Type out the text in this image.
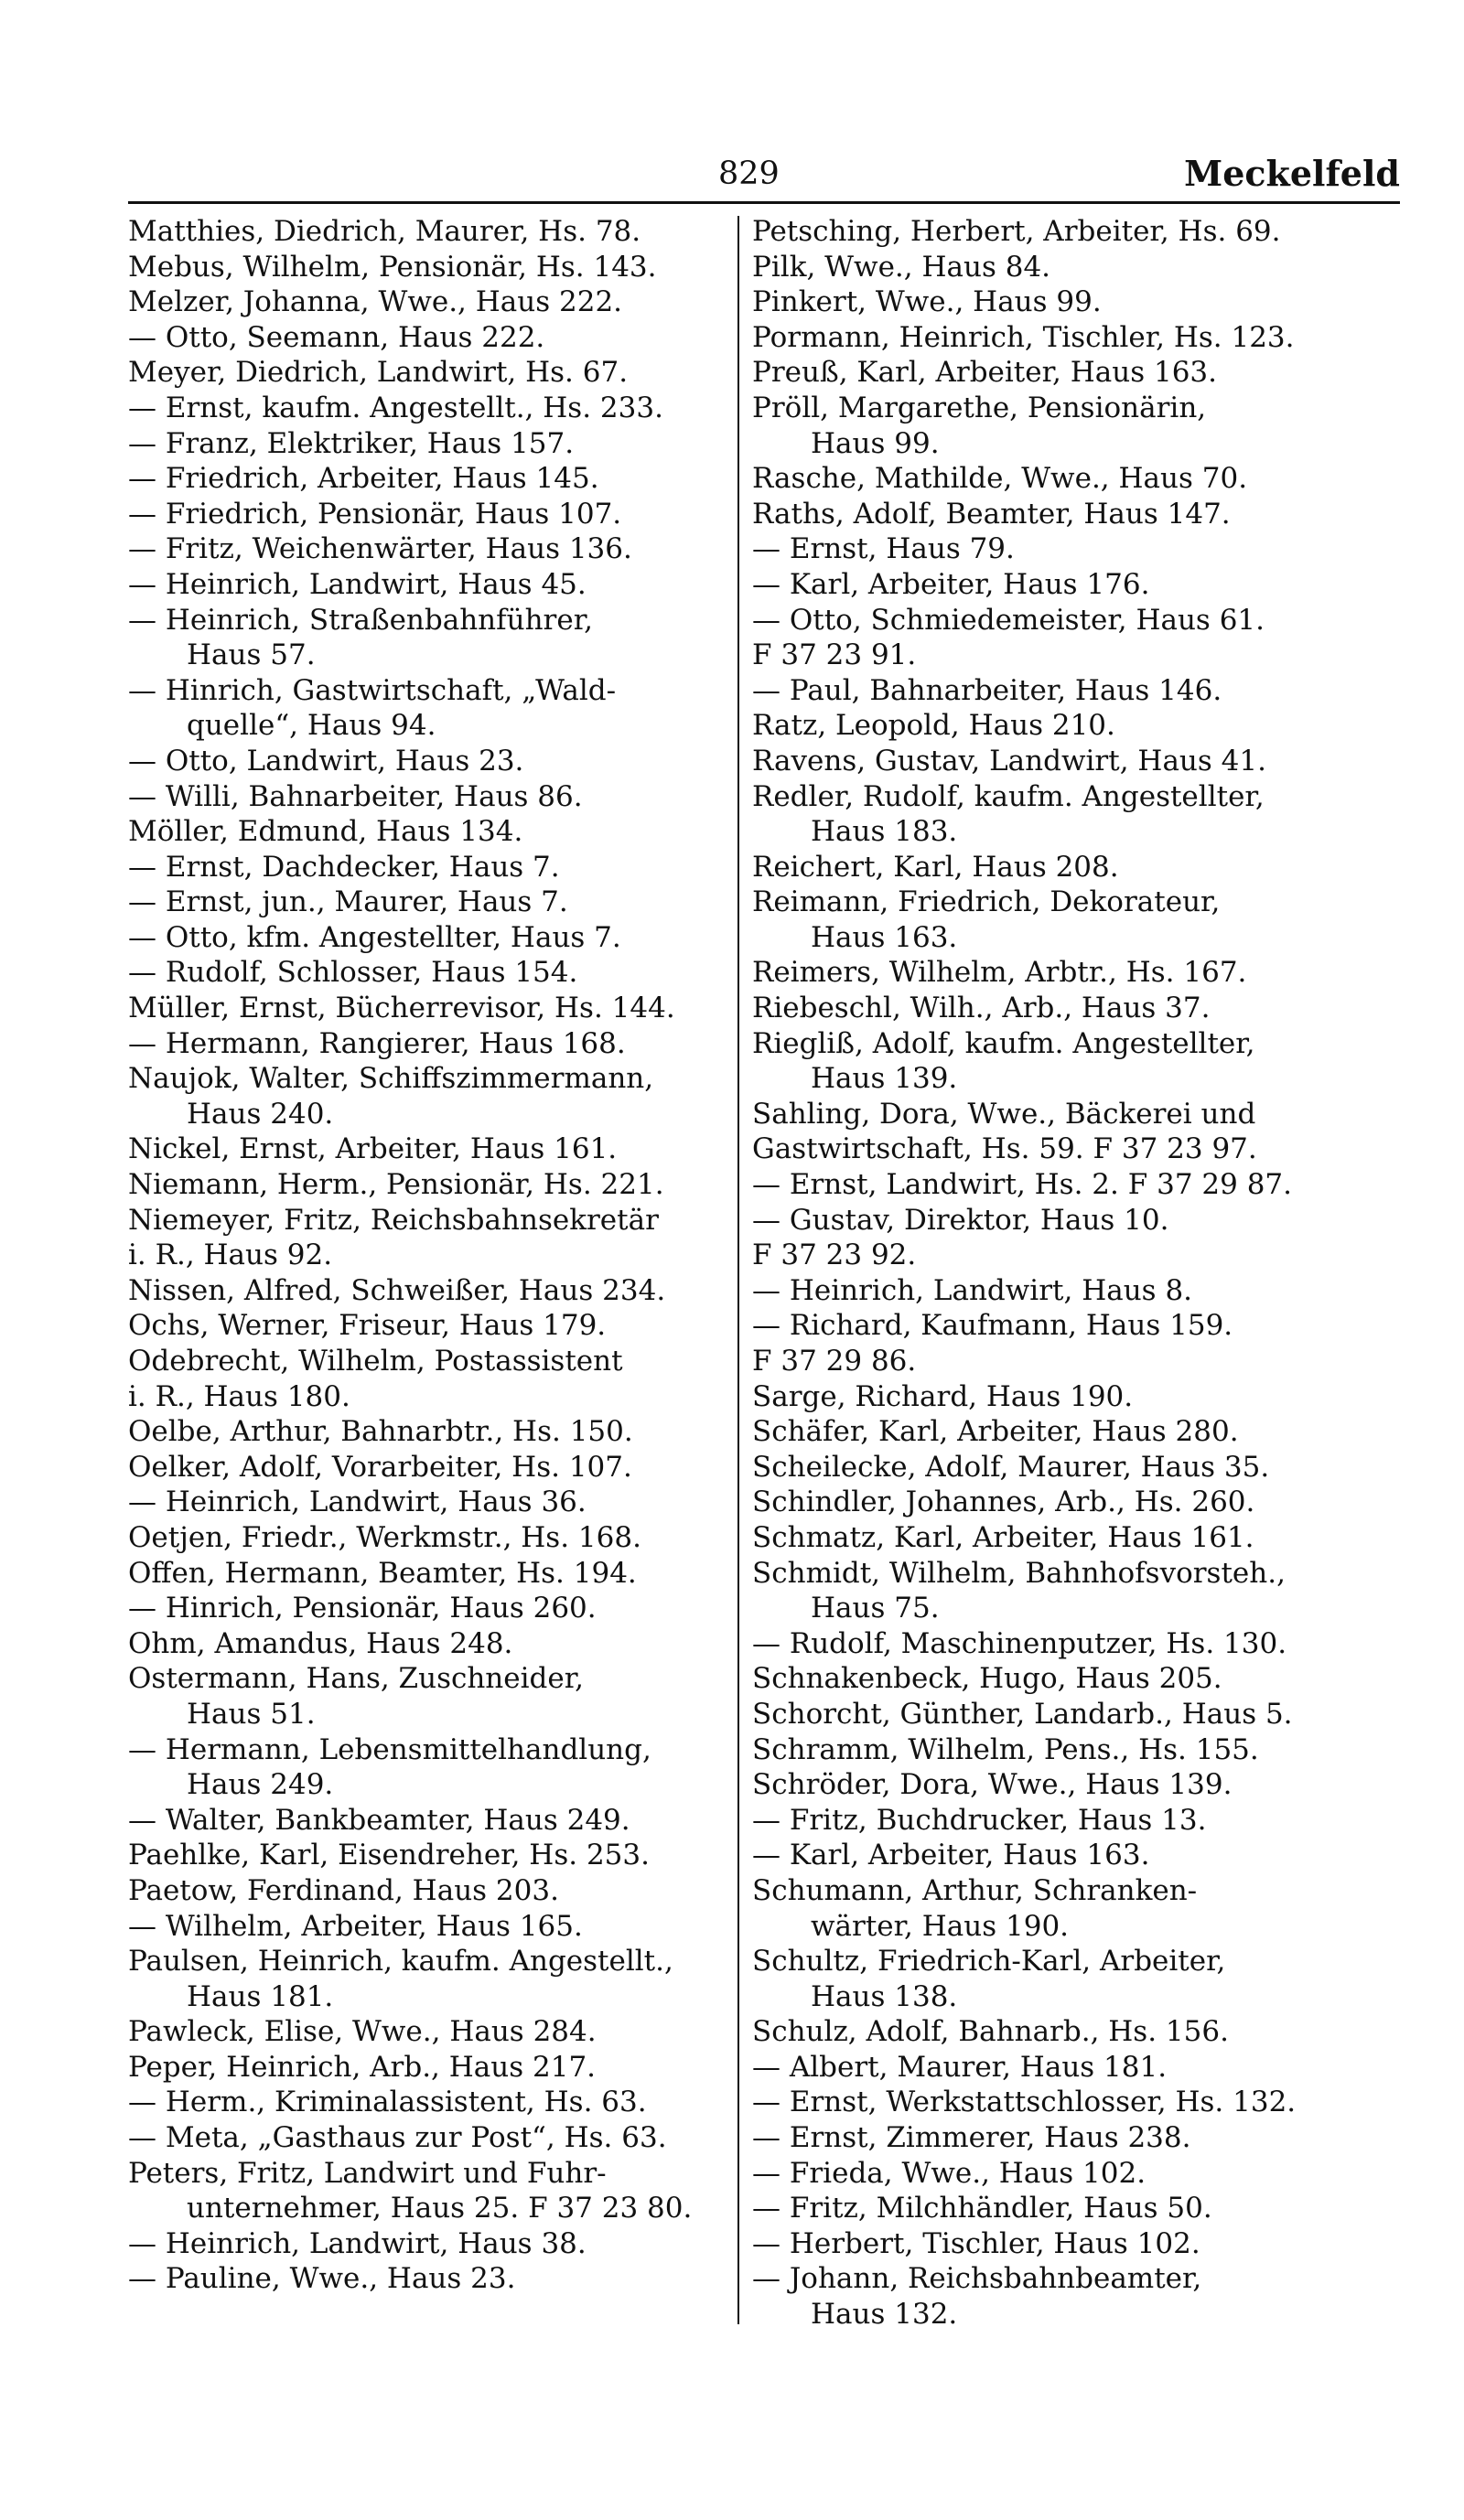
829	Meckelfeld
Matthies, Diedrich, Maurer, Hs. 78.
Mebus, Wilhelm, Pensionär, Hs. 143.
Melzer, Johanna, Wwe., Haus 222.
— Otto, Seemann, Haus 222.
Meyer, Diedrich, Landwirt, Hs. 67.
— Ernst, kaufm. Angestellt., Hs. 233.
— Franz, Elektriker, Haus 157.
— Friedrich, Arbeiter, Haus 145.
— Friedrich, Pensionär, Haus 107.
— Fritz, Weichenwärter, Haus 136.
— Heinrich, Landwirt, Haus 45.
— Heinrich, Straßenbahnführer,
Haus 57.
— Hinrich, Gastwirtschaft, „Wald-
quelle“, Haus 94.
— Otto, Landwirt, Haus 23.
— Willi, Bahnarbeiter, Haus 86.
Möller, Edmund, Haus 134.
— Ernst, Dachdecker, Haus 7.
— Ernst, jun., Maurer, Haus 7.
— Otto, kfm. Angestellter, Haus 7.
— Rudolf, Schlosser, Haus 154.
Müller, Ernst, Bücherrevisor, Hs. 144.
— Hermann, Rangierer, Haus 168.
Naujok, Walter, Schiffszimmermann,
Haus 240.
Nickel, Ernst, Arbeiter, Haus 161.
Niemann, Herm., Pensionär, Hs. 221.
Niemeyer, Fritz, Reichsbahnsekretär
i. R., Haus 92.
Nissen, Alfred, Schweißer, Haus 234.
Ochs, Werner, Friseur, Haus 179.
Odebrecht, Wilhelm, Postassistent
i. R., Haus 180.
Oelbe, Arthur, Bahnarbtr., Hs. 150.
Oelker, Adolf, Vorarbeiter, Hs. 107.
— Heinrich, Landwirt, Haus 36.
Oetjen, Friedr., Werkmstr., Hs. 168.
Offen, Hermann, Beamter, Hs. 194.
— Hinrich, Pensionär, Haus 260.
Ohm, Amandus, Haus 248.
Ostermann, Hans, Zuschneider,
Haus 51.
— Hermann, Lebensmittelhandlung,
Haus 249.
— Walter, Bankbeamter, Haus 249.
Paehlke, Karl, Eisendreher, Hs. 253.
Paetow, Ferdinand, Haus 203.
— Wilhelm, Arbeiter, Haus 165.
Paulsen, Heinrich, kaufm. Angestellt.,
Haus 181.
Pawleck, Elise, Wwe., Haus 284.
Peper, Heinrich, Arb., Haus 217.
— Herm., Kriminalassistent, Hs. 63.
— Meta, „Gasthaus zur Post“, Hs. 63.
Peters, Fritz, Landwirt und Fuhr-
unternehmer, Haus 25. F 37 23 80.
— Heinrich, Landwirt, Haus 38.
— Pauline, Wwe., Haus 23.
Petsching, Herbert, Arbeiter, Hs. 69.
Pilk, Wwe., Haus 84.
Pinkert, Wwe., Haus 99.
Pormann, Heinrich, Tischler, Hs. 123.
Preuß, Karl, Arbeiter, Haus 163.
Pröll, Margarethe, Pensionärin,
Haus 99.
Rasche, Mathilde, Wwe., Haus 70.
Raths, Adolf, Beamter, Haus 147.
— Ernst, Haus 79.
— Karl, Arbeiter, Haus 176.
— Otto, Schmiedemeister, Haus 61.
F 37 23 91.
— Paul, Bahnarbeiter, Haus 146.
Ratz, Leopold, Haus 210.
Ravens, Gustav, Landwirt, Haus 41.
Redler, Rudolf, kaufm. Angestellter,
Haus 183.
Reichert, Karl, Haus 208.
Reimann, Friedrich, Dekorateur,
Haus 163.
Reimers, Wilhelm, Arbtr., Hs. 167.
Riebeschl, Wilh., Arb., Haus 37.
Riegliß, Adolf, kaufm. Angestellter,
Haus 139.
Sahling, Dora, Wwe., Bäckerei und
Gastwirtschaft, Hs. 59. F 37 23 97.
— Ernst, Landwirt, Hs. 2. F 37 29 87.
— Gustav, Direktor, Haus 10.
F 37 23 92.
— Heinrich, Landwirt, Haus 8.
— Richard, Kaufmann, Haus 159.
F 37 29 86.
Sarge, Richard, Haus 190.
Schäfer, Karl, Arbeiter, Haus 280.
Scheilecke, Adolf, Maurer, Haus 35.
Schindler, Johannes, Arb., Hs. 260.
Schmatz, Karl, Arbeiter, Haus 161.
Schmidt, Wilhelm, Bahnhofsvorsteh.,
Haus 75.
— Rudolf, Maschinenputzer, Hs. 130.
Schnakenbeck, Hugo, Haus 205.
Schorcht, Günther, Landarb., Haus 5.
Schramm, Wilhelm, Pens., Hs. 155.
Schröder, Dora, Wwe., Haus 139.
— Fritz, Buchdrucker, Haus 13.
— Karl, Arbeiter, Haus 163.
Schumann, Arthur, Schranken-
wärter, Haus 190.
Schultz, Friedrich-Karl, Arbeiter,
Haus 138.
Schulz, Adolf, Bahnarb., Hs. 156.
— Albert, Maurer, Haus 181.
— Ernst, Werkstattschlosser, Hs. 132.
— Ernst, Zimmerer, Haus 238.
— Frieda, Wwe., Haus 102.
— Fritz, Milchhändler, Haus 50.
— Herbert, Tischler, Haus 102.
— Johann, Reichsbahnbeamter,
Haus 132.
